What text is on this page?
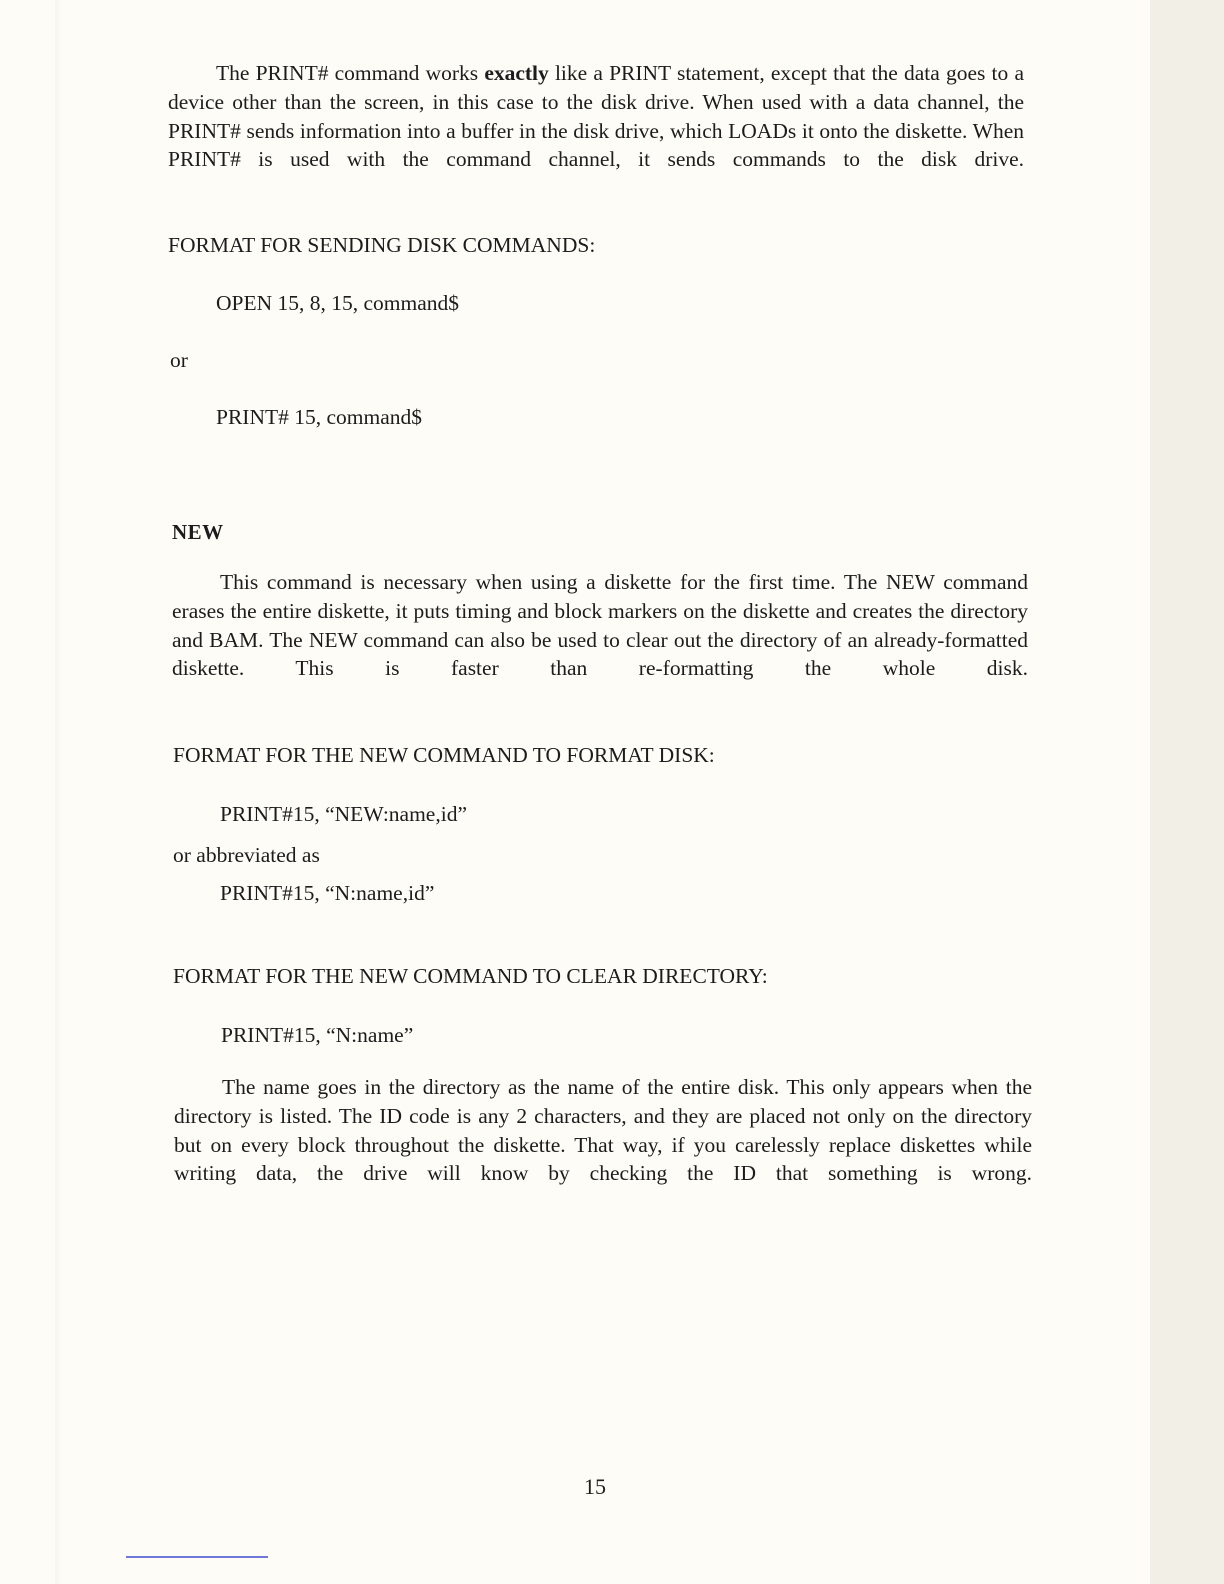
The PRINT# command works exactly like a PRINT statement, except that the data goes to a device other than the screen, in this case to the disk drive. When used with a data channel, the PRINT# sends information into a buffer in the disk drive, which LOADs it onto the diskette. When PRINT# is used with the command channel, it sends commands to the disk drive.

FORMAT FOR SENDING DISK COMMANDS:

OPEN 15, 8, 15, command$

or

PRINT# 15, command$

NEW

This command is necessary when using a diskette for the first time. The NEW command erases the entire diskette, it puts timing and block markers on the diskette and creates the directory and BAM. The NEW command can also be used to clear out the directory of an already-formatted diskette. This is faster than re-formatting the whole disk.

FORMAT FOR THE NEW COMMAND TO FORMAT DISK:

PRINT#15, “NEW:name,id”

or abbreviated as

PRINT#15, “N:name,id”

FORMAT FOR THE NEW COMMAND TO CLEAR DIRECTORY:

PRINT#15, “N:name”

The name goes in the directory as the name of the entire disk. This only appears when the directory is listed. The ID code is any 2 characters, and they are placed not only on the directory but on every block throughout the diskette. That way, if you carelessly replace diskettes while writing data, the drive will know by checking the ID that something is wrong.

15
